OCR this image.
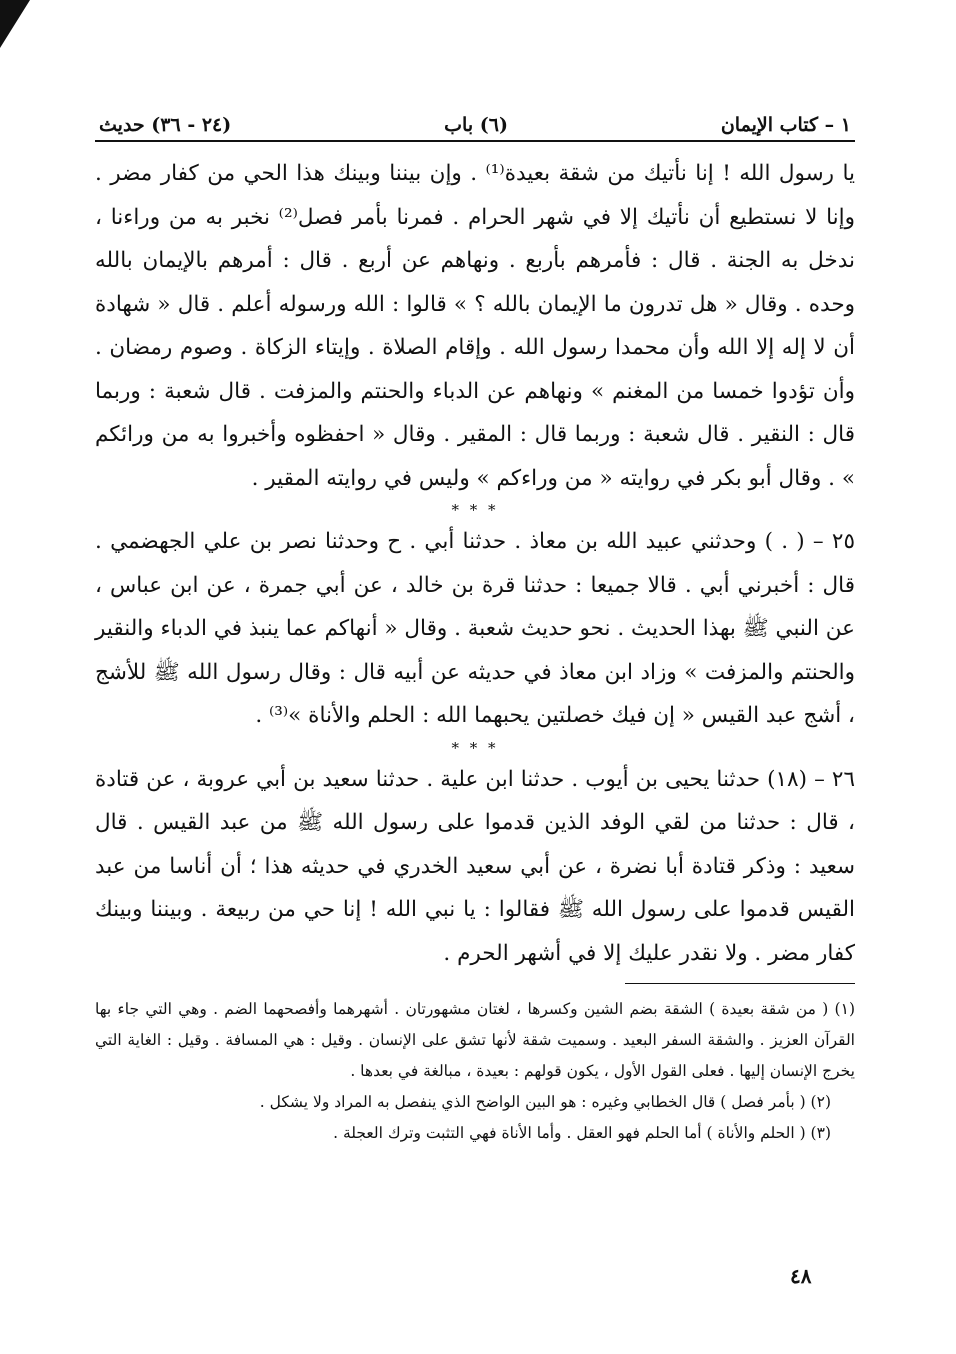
١ – كتاب الإيمان
(٦) باب
(٢٤ - ٣٦) حديث

يا رسول الله ! إنا نأتيك من شقة بعيدة⁽¹⁾ . وإن بيننا وبينك هذا الحي من كفار مضر . وإنا لا نستطيع أن نأتيك إلا في شهر الحرام . فمرنا بأمر فصل⁽²⁾ نخبر به من وراءنا ، ندخل به الجنة . قال : فأمرهم بأربع . ونهاهم عن أربع . قال : أمرهم بالإيمان بالله وحده . وقال « هل تدرون ما الإيمان بالله ؟ » قالوا : الله ورسوله أعلم . قال « شهادة أن لا إله إلا الله وأن محمدا رسول الله . وإقام الصلاة . وإيتاء الزكاة . وصوم رمضان . وأن تؤدوا خمسا من المغنم » ونهاهم عن الدباء والحنتم والمزفت . قال شعبة : وربما قال : النقير . قال شعبة : وربما قال : المقير . وقال « احفظوه وأخبروا به من ورائكم » . وقال أبو بكر في روايته « من وراءكم » وليس في روايته المقير .

* * *

٢٥ – ( . ) وحدثني عبيد الله بن معاذ . حدثنا أبي . ح وحدثنا نصر بن علي الجهضمي . قال : أخبرني أبي . قالا جميعا : حدثنا قرة بن خالد ، عن أبي جمرة ، عن ابن عباس ، عن النبي ﷺ بهذا الحديث . نحو حديث شعبة . وقال « أنهاكم عما ينبذ في الدباء والنقير والحنتم والمزفت » وزاد ابن معاذ في حديثه عن أبيه قال : وقال رسول الله ﷺ للأشج ، أشج عبد القيس « إن فيك خصلتين يحبهما الله : الحلم والأناة »⁽³⁾ .

* * *

٢٦ – (١٨) حدثنا يحيى بن أيوب . حدثنا ابن علية . حدثنا سعيد بن أبي عروبة ، عن قتادة ، قال : حدثنا من لقي الوفد الذين قدموا على رسول الله ﷺ من عبد القيس . قال سعيد : وذكر قتادة أبا نضرة ، عن أبي سعيد الخدري في حديثه هذا ؛ أن أناسا من عبد القيس قدموا على رسول الله ﷺ فقالوا : يا نبي الله ! إنا حي من ربيعة . وبيننا وبينك كفار مضر . ولا نقدر عليك إلا في أشهر الحرم .

(١) ( من شقة بعيدة ) الشقة بضم الشين وكسرها ، لغتان مشهورتان . أشهرهما وأفصحهما الضم . وهي التي جاء بها القرآن العزيز . والشقة السفر البعيد . وسميت شقة لأنها تشق على الإنسان . وقيل : هي المسافة . وقيل : الغاية التي يخرج الإنسان إليها . فعلى القول الأول ، يكون قولهم : بعيدة ، مبالغة في بعدها .

(٢) ( بأمر فصل ) قال الخطابي وغيره : هو البين الواضح الذي ينفصل به المراد ولا يشكل .

(٣) ( الحلم والأناة ) أما الحلم فهو العقل . وأما الأناة فهي التثبت وترك العجلة .

٤٨
